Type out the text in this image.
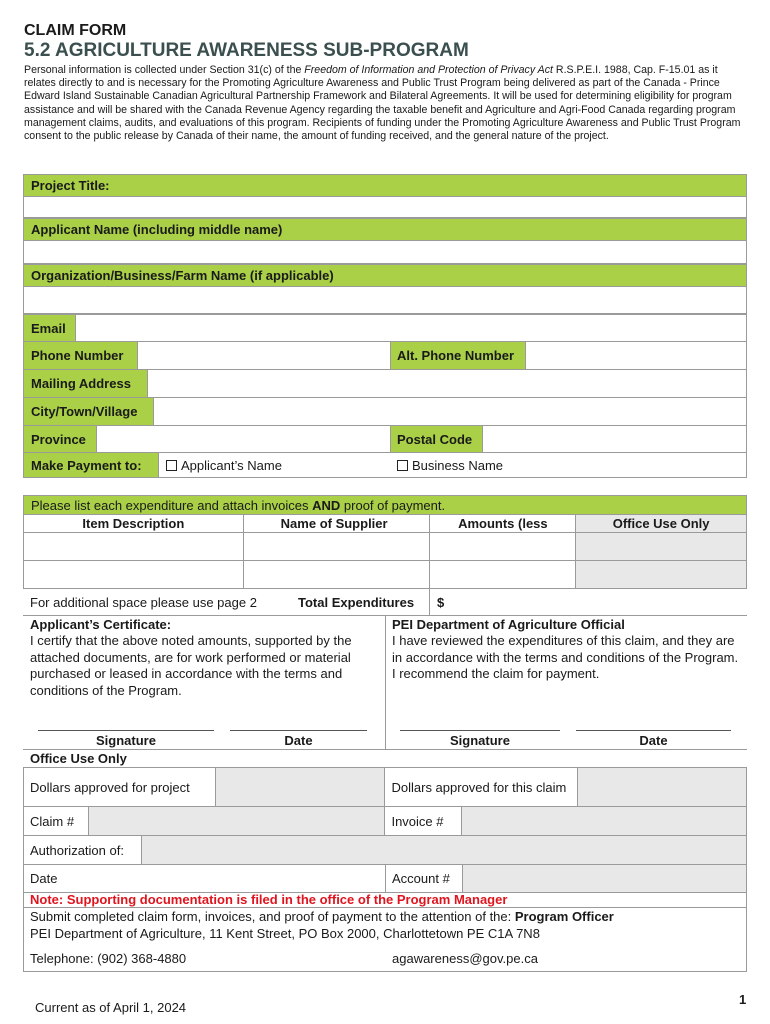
CLAIM FORM
5.2 AGRICULTURE AWARENESS SUB-PROGRAM
Personal information is collected under Section 31(c) of the Freedom of Information and Protection of Privacy Act R.S.P.E.I. 1988, Cap. F-15.01 as it relates directly to and is necessary for the Promoting Agriculture Awareness and Public Trust Program being delivered as part of the Canada - Prince Edward Island Sustainable Canadian Agricultural Partnership Framework and Bilateral Agreements. It will be used for determining eligibility for program assistance and will be shared with the Canada Revenue Agency regarding the taxable benefit and Agriculture and Agri-Food Canada regarding program management claims, audits, and evaluations of this program. Recipients of funding under the Promoting Agriculture Awareness and Public Trust Program consent to the public release by Canada of their name, the amount of funding received, and the general nature of the project.
Project Title:
Applicant Name (including middle name)
Organization/Business/Farm Name (if applicable)
Email
Phone Number	Alt. Phone Number
Mailing Address
City/Town/Village
Province	Postal Code
Make Payment to:	Applicant’s Name	Business Name
Please list each expenditure and attach invoices AND proof of payment.
Item Description	Name of Supplier	Amounts (less	Office Use Only

For additional space please use page 2	Total Expenditures $
Applicant’s Certificate:
I certify that the above noted amounts, supported by the attached documents, are for work performed or material purchased or leased in accordance with the terms and conditions of the Program.
PEI Department of Agriculture Official
I have reviewed the expenditures of this claim, and they are in accordance with the terms and conditions of the Program. I recommend the claim for payment.
Signature	Date	Signature	Date
Office Use Only
Dollars approved for project		Dollars approved for this claim	
Claim #		Invoice #	
Authorization of:	
Date	Account #	
Note: Supporting documentation is filed in the office of the Program Manager
Submit completed claim form, invoices, and proof of payment to the attention of the: Program Officer
PEI Department of Agriculture, 11 Kent Street, PO Box 2000, Charlottetown PE C1A 7N8
Telephone: (902) 368-4880	agawareness@gov.pe.ca
Current as of April 1, 2024
1
